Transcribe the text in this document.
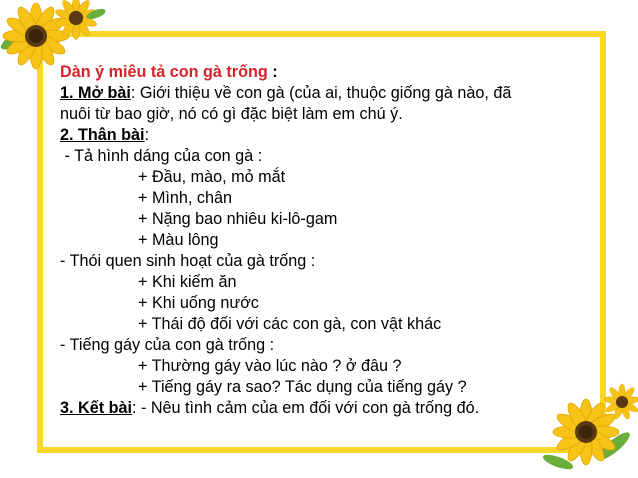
Dàn ý miêu tả con gà trống :

1. Mở bài: Giới thiệu về con gà (của ai, thuộc giống gà nào, đã

nuôi từ bao giờ, nó có gì đặc biệt làm em chú ý.

2. Thân bài:

- Tả hình dáng của con gà :

+ Đầu, mào, mỏ mắt

+ Mình, chân

+ Nặng bao nhiêu ki-lô-gam

+ Màu lông

- Thói quen sinh hoạt của gà trống :

+ Khi kiếm ăn

+ Khi uống nước

+ Thái độ đối với các con gà, con vật khác

- Tiếng gáy của con gà trống :

+ Thường gáy vào lúc nào ? ở đâu ?

+ Tiếng gáy ra sao? Tác dụng của tiếng gáy ?

3. Kết bài: - Nêu tình cảm của em đối với con gà trống đó.
